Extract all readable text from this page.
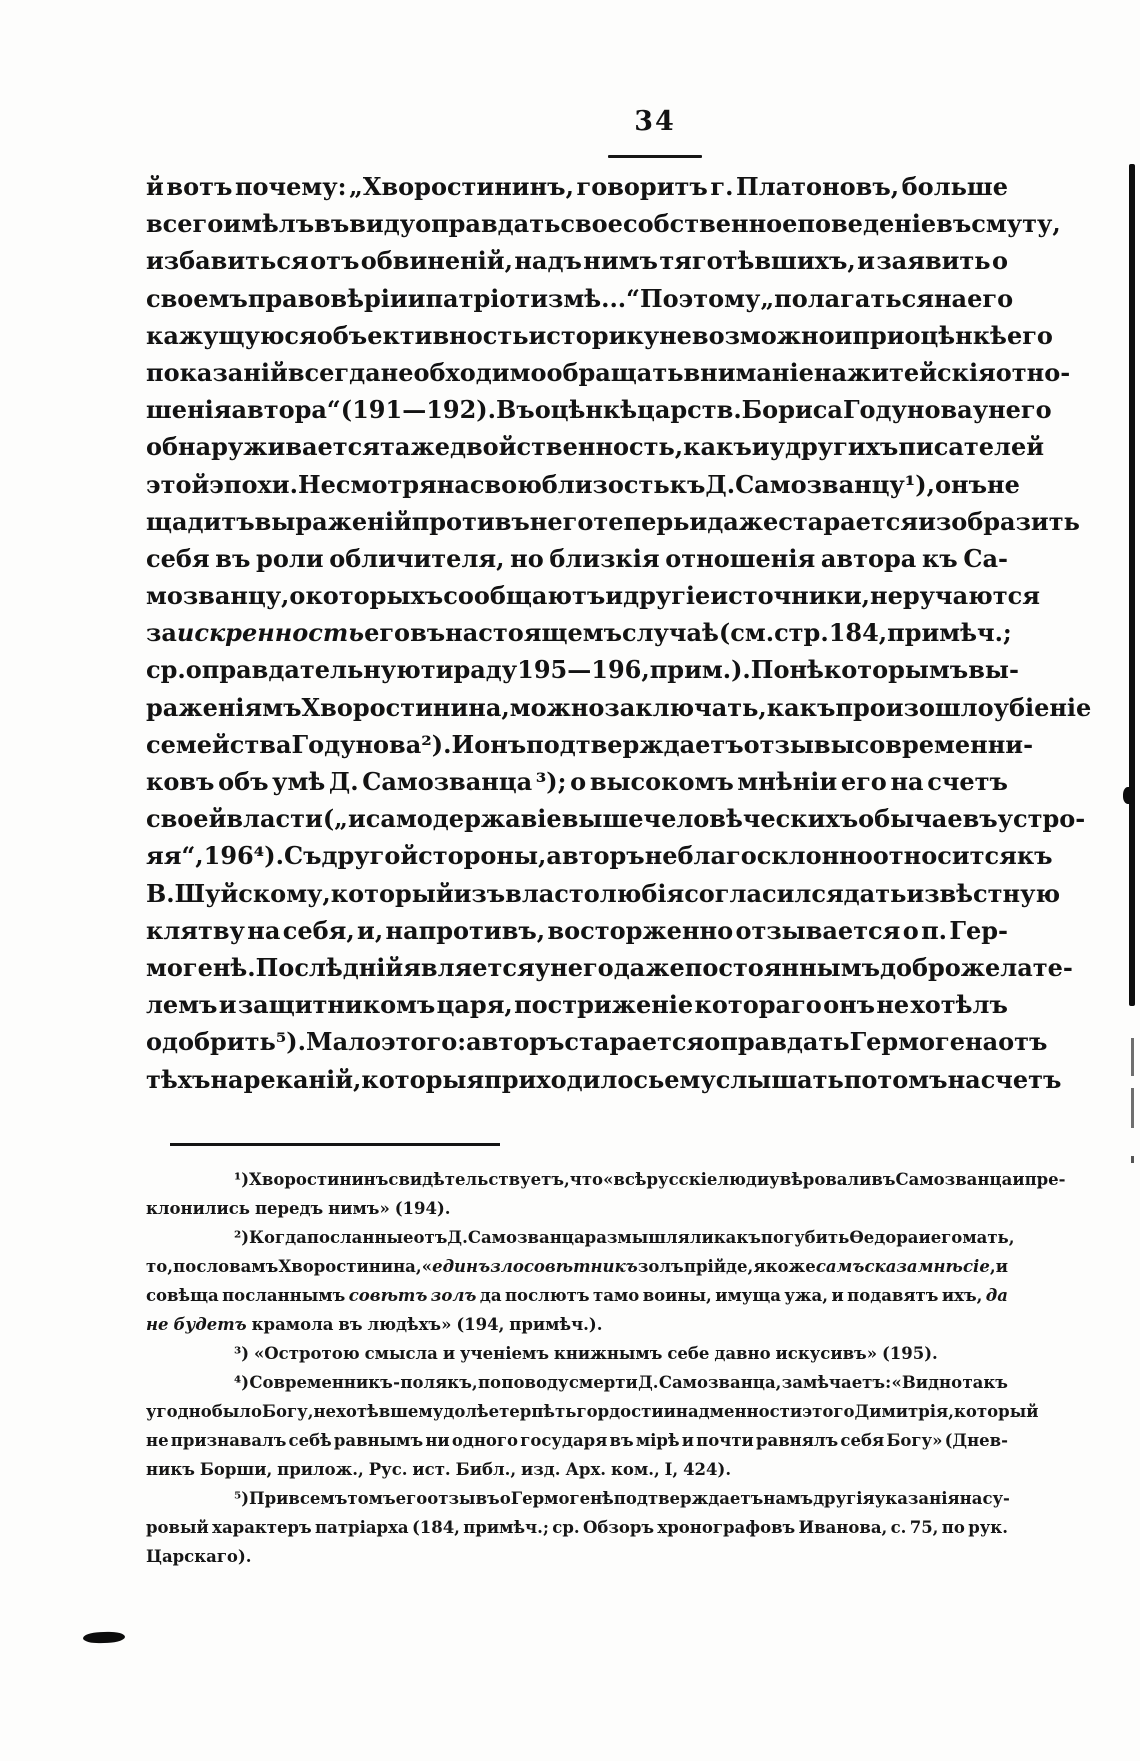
34
й вотъ почему: „Хворостининъ, говоритъ г. Платоновъ, больше
всего имѣлъ въ виду оправдать свое собственное поведеніе въ смуту,
избавиться отъ обвиненій, надъ нимъ тяготѣвшихъ, и заявить о
своемъ правовѣріи и патріотизмѣ...“ Поэтому „полагаться на его
кажущуюся объективность историку невозможно и при оцѣнкѣ его
показаній всегда необходимо обращать вниманіе на житейскія отно-
шенія автора“ (191—192). Въ оцѣнкѣ царств. Бориса Годунова у него
обнаруживается таже двойственность, какъ и у другихъ писателей
этой эпохи. Не смотря на свою близость къ Д. Самозванцу ¹), онъ не
щадитъ выраженій противъ него теперь и даже старается изобразить
себя въ роли обличителя, но близкія отношенія автора къ Са-
мозванцу, о которыхъ сообщаютъ и другіе источники, не ручаются
за искренность его въ настоящемъ случаѣ (см. стр. 184, примѣч.;
ср. оправдательную тираду 195—196, прим.). По нѣкоторымъ вы-
раженіямъ Хворостинина, можно заключать, какъ произошло убіеніе
семейства Годунова ²). И онъ подтверждаетъ отзывы современни-
ковъ объ умѣ Д. Самозванца ³); о высокомъ мнѣніи его на счетъ
своей власти („и самодержавіе выше человѣческихъ обычаевъ устро-
яя“, 196 ⁴). Съ другой стороны, авторъ неблагосклонно относится къ
В. Шуйскому, который изъ властолюбія согласился дать извѣстную
клятву на себя, и, напротивъ, восторженно отзывается о п. Гер-
могенѣ. Послѣдній является у него даже постояннымъ доброжелате-
лемъ и защитникомъ царя, постриженіе котораго онъ не хотѣлъ
одобрить ⁵). Мало этого: авторъ старается оправдать Гермогена отъ
тѣхъ нареканій, которыя приходилось ему слышать потомъ на счетъ
¹) Хворостининъ свидѣтельствуетъ, что «всѣ русскіе люди увѣровали въ Самозванца и пре-
клонились передъ нимъ» (194).
²) Когда посланные отъ Д. Самозванца размышляли какъ погубить Ѳедора и его мать,
то, по словамъ Хворостинина, «единъ злосовѣтникъ золъ прійде, якоже самъ сказа мнѣ сіе, и
совѣща посланнымъ совѣтъ золъ да послютъ тамо воины, имуща ужа, и подавятъ ихъ, да
не будетъ крамола въ людѣхъ» (194, примѣч.).
³) «Остротою смысла и ученіемъ книжнымъ себе давно искусивъ» (195).
⁴) Современникъ - полякъ, по поводу смерти Д. Самозванца, замѣчаетъ: «Видно такъ
угодно было Богу, не хотѣвшему долѣе терпѣть гордости и надменности этого Димитрія, который
не признавалъ себѣ равнымъ ни одного государя въ мірѣ и почти равнялъ себя Богу» (Днев-
никъ Борши, прилож., Рус. ист. Библ., изд. Арх. ком., I, 424).
⁵) При всемъ томъ его отзывъ о Гермогенѣ подтверждаетъ намъ другія указанія на су-
ровый характеръ патріарха (184, примѣч.; ср. Обзоръ хронографовъ Иванова, с. 75, по рук.
Царскаго).
